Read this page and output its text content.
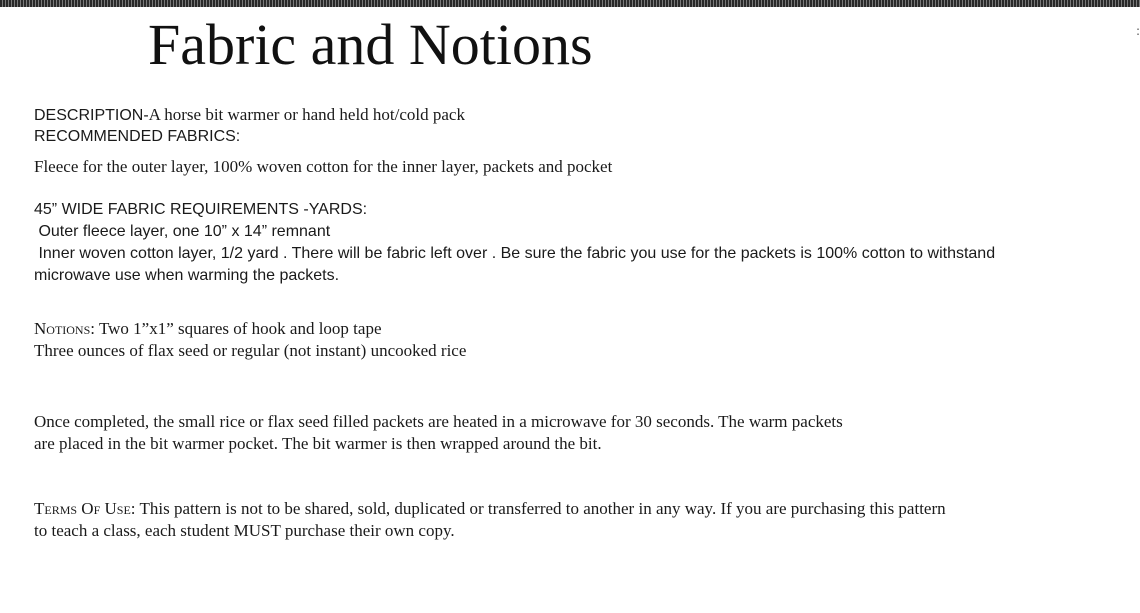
:
Fabric and Notions
DESCRIPTION-A horse bit warmer or hand held hot/cold pack
RECOMMENDED FABRICS:
Fleece for the outer layer, 100% woven cotton for the inner layer, packets and pocket
45” WIDE FABRIC REQUIREMENTS -YARDS:
Outer fleece layer, one 10” x 14” remnant
Inner woven cotton layer, 1/2 yard . There will be fabric left over . Be sure the fabric you use for the packets is 100% cotton to withstand
microwave use when warming the packets.
Notions: Two 1”x1” squares of hook and loop tape
Three ounces of flax seed or regular (not instant) uncooked rice
Once completed, the small rice or flax seed filled packets are heated in a microwave for 30 seconds. The warm packets
are placed in the bit warmer pocket. The bit warmer is then wrapped around the bit.
Terms Of Use: This pattern is not to be shared, sold, duplicated or transferred to another in any way. If you are purchasing this pattern
to teach a class, each student MUST purchase their own copy.
